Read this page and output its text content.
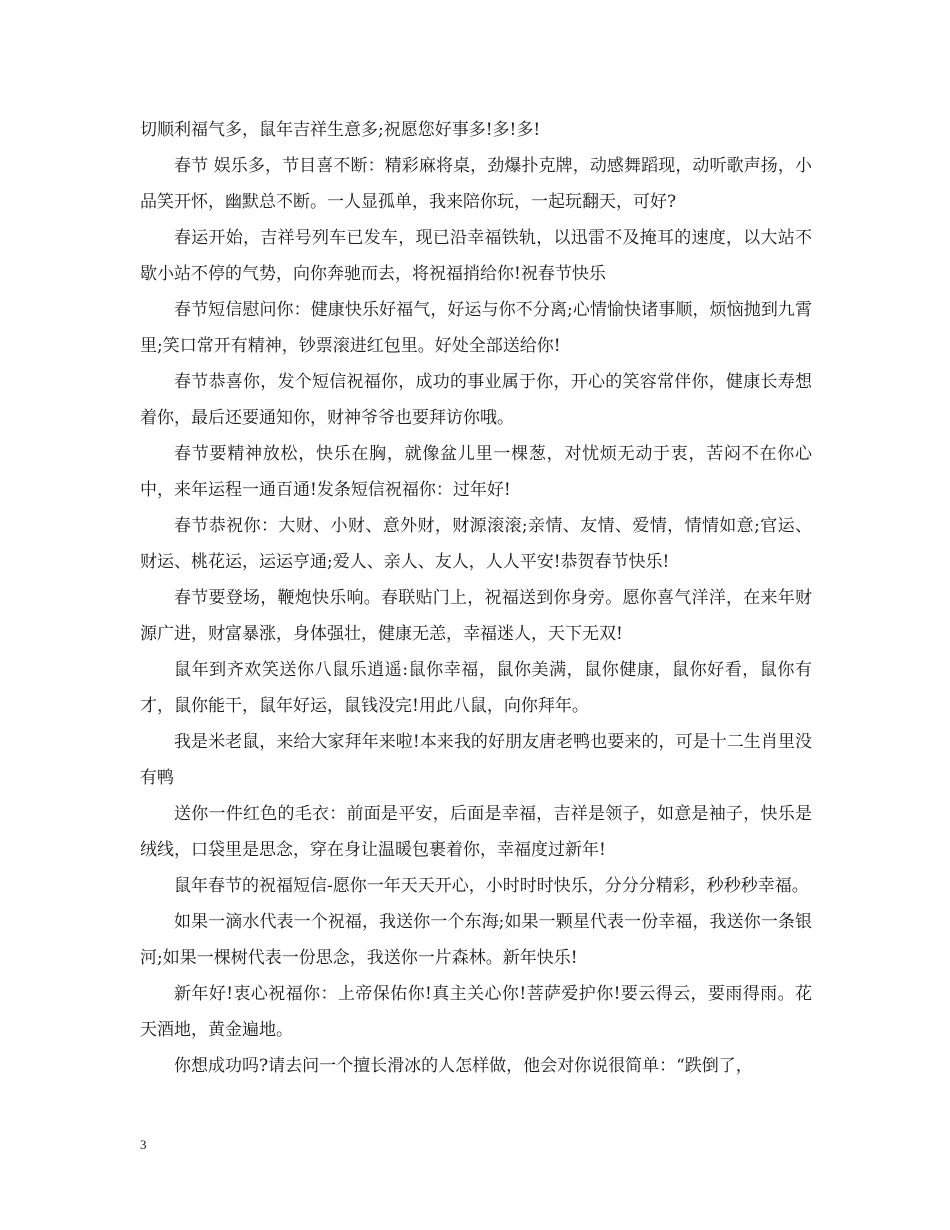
切顺利福气多，鼠年吉祥生意多;祝愿您好事多!多!多!

春节 娱乐多，节目喜不断：精彩麻将桌，劲爆扑克牌，动感舞蹈现，动听歌声扬，小品笑开怀，幽默总不断。一人显孤单，我来陪你玩，一起玩翻天，可好?

春运开始，吉祥号列车已发车，现已沿幸福铁轨，以迅雷不及掩耳的速度，以大站不歇小站不停的气势，向你奔驰而去，将祝福捎给你!祝春节快乐

春节短信慰问你：健康快乐好福气，好运与你不分离;心情愉快诸事顺，烦恼抛到九霄里;笑口常开有精神，钞票滚进红包里。好处全部送给你!

春节恭喜你，发个短信祝福你，成功的事业属于你，开心的笑容常伴你，健康长寿想着你，最后还要通知你，财神爷爷也要拜访你哦。

春节要精神放松，快乐在胸，就像盆儿里一棵葱，对忧烦无动于衷，苦闷不在你心中，来年运程一通百通!发条短信祝福你：过年好!

春节恭祝你：大财、小财、意外财，财源滚滚;亲情、友情、爱情，情情如意;官运、财运、桃花运，运运亨通;爱人、亲人、友人，人人平安!恭贺春节快乐!

春节要登场，鞭炮快乐响。春联贴门上，祝福送到你身旁。愿你喜气洋洋，在来年财源广进，财富暴涨，身体强壮，健康无恙，幸福迷人，天下无双!

鼠年到齐欢笑送你八鼠乐逍遥:鼠你幸福，鼠你美满，鼠你健康，鼠你好看，鼠你有才，鼠你能干，鼠年好运，鼠钱没完!用此八鼠，向你拜年。

我是米老鼠，来给大家拜年来啦!本来我的好朋友唐老鸭也要来的，可是十二生肖里没有鸭

送你一件红色的毛衣：前面是平安，后面是幸福，吉祥是领子，如意是袖子，快乐是绒线，口袋里是思念，穿在身让温暖包裹着你，幸福度过新年!

鼠年春节的祝福短信-愿你一年天天开心，小时时时快乐，分分分精彩，秒秒秒幸福。

如果一滴水代表一个祝福，我送你一个东海;如果一颗星代表一份幸福，我送你一条银河;如果一棵树代表一份思念，我送你一片森林。新年快乐!

新年好!衷心祝福你：上帝保佑你!真主关心你!菩萨爱护你!要云得云，要雨得雨。花天酒地，黄金遍地。

你想成功吗?请去问一个擅长滑冰的人怎样做，他会对你说很简单：“跌倒了，

3
